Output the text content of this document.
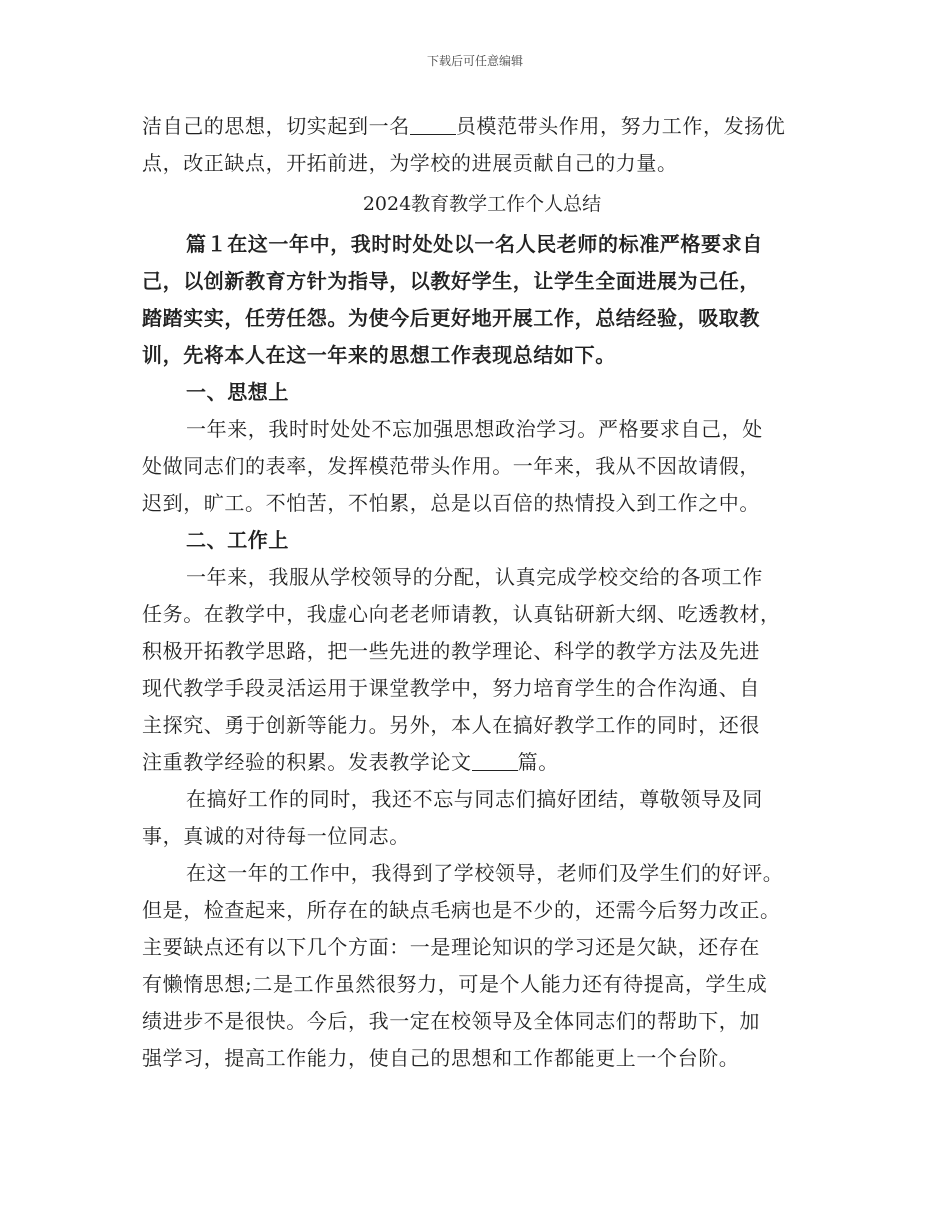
下载后可任意编辑
洁自己的思想，切实起到一名 员模范带头作用，努力工作，发扬优
点，改正缺点，开拓前进，为学校的进展贡献自己的力量。
2024教育教学工作个人总结
篇１在这一年中，我时时处处以一名人民老师的标准严格要求自
己，以创新教育方针为指导，以教好学生，让学生全面进展为己任，
踏踏实实，任劳任怨。为使今后更好地开展工作，总结经验，吸取教
训，先将本人在这一年来的思想工作表现总结如下。
一、思想上
一年来，我时时处处不忘加强思想政治学习。严格要求自己，处
处做同志们的表率，发挥模范带头作用。一年来，我从不因故请假，
迟到，旷工。不怕苦，不怕累，总是以百倍的热情投入到工作之中。
二、工作上
一年来，我服从学校领导的分配，认真完成学校交给的各项工作
任务。在教学中，我虚心向老老师请教，认真钻研新大纲、吃透教材，
积极开拓教学思路，把一些先进的教学理论、科学的教学方法及先进
现代教学手段灵活运用于课堂教学中，努力培育学生的合作沟通、自
主探究、勇于创新等能力。另外，本人在搞好教学工作的同时，还很
注重教学经验的积累。发表教学论文 篇。
在搞好工作的同时，我还不忘与同志们搞好团结，尊敬领导及同
事，真诚的对待每一位同志。
在这一年的工作中，我得到了学校领导，老师们及学生们的好评。
但是，检查起来，所存在的缺点毛病也是不少的，还需今后努力改正。
主要缺点还有以下几个方面：一是理论知识的学习还是欠缺，还存在
有懒惰思想;二是工作虽然很努力，可是个人能力还有待提高，学生成
绩进步不是很快。今后，我一定在校领导及全体同志们的帮助下，加
强学习，提高工作能力，使自己的思想和工作都能更上一个台阶。
